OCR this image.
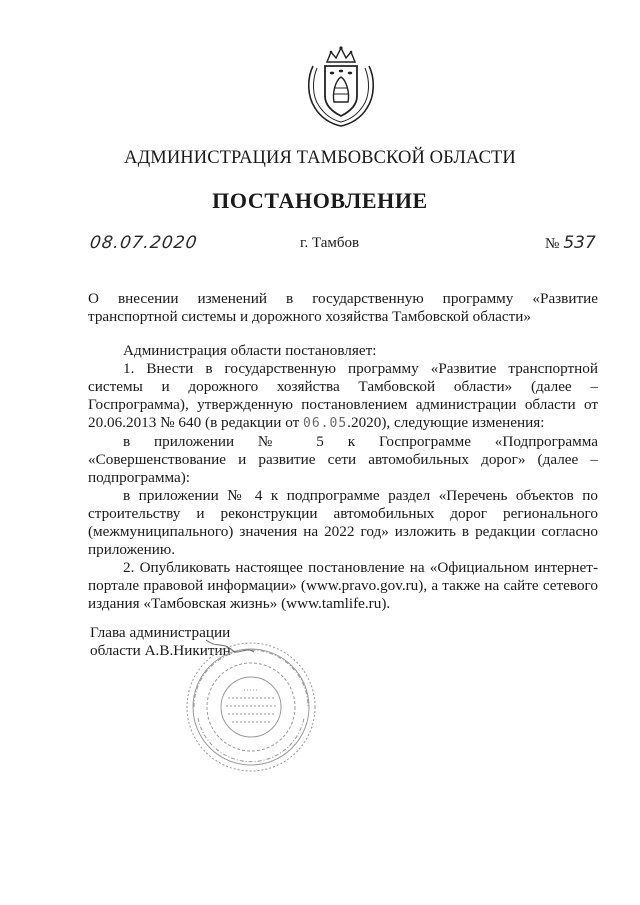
АДМИНИСТРАЦИЯ ТАМБОВСКОЙ ОБЛАСТИ
ПОСТАНОВЛЕНИЕ
08.07.2020	г. Тамбов	№ 537
О внесении изменений в государственную программу «Развитие транспортной системы и дорожного хозяйства Тамбовской области»

Администрация области постановляет:

1. Внести в государственную программу «Развитие транспортной системы и дорожного хозяйства Тамбовской области» (далее – Госпрограмма), утвержденную постановлением администрации области от 20.06.2013 № 640 (в редакции от 06.05.2020), следующие изменения:

в приложении № 5 к Госпрограмме «Подпрограмма «Совершенствование и развитие сети автомобильных дорог» (далее – подпрограмма):

в приложении № 4 к подпрограмме раздел «Перечень объектов по строительству и реконструкции автомобильных дорог регионального (межмуниципального) значения на 2022 год» изложить в редакции согласно приложению.

2. Опубликовать настоящее постановление на «Официальном интернет-портале правовой информации» (www.pravo.gov.ru), а также на сайте сетевого издания «Тамбовская жизнь» (www.tamlife.ru).

Глава администрации
области А.В.Никитин
